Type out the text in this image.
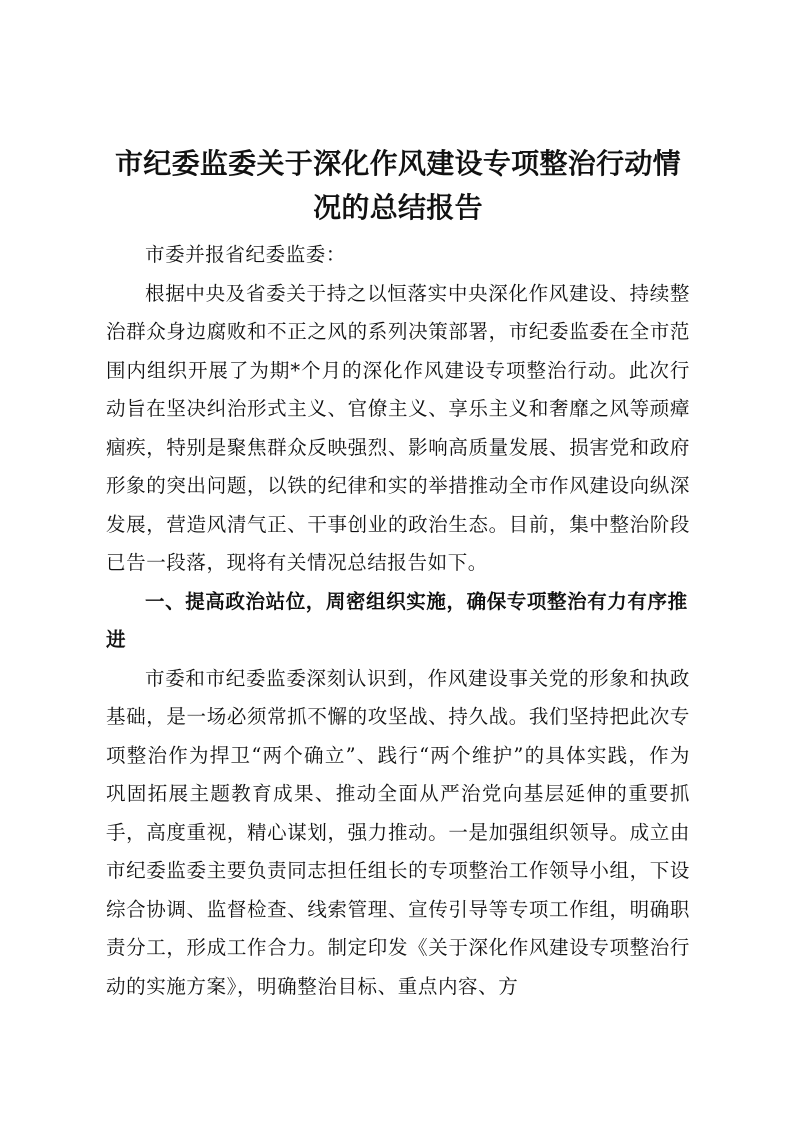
市纪委监委关于深化作风建设专项整治行动情况的总结报告

市委并报省纪委监委：

根据中央及省委关于持之以恒落实中央深化作风建设、持续整治群众身边腐败和不正之风的系列决策部署，市纪委监委在全市范围内组织开展了为期*个月的深化作风建设专项整治行动。此次行动旨在坚决纠治形式主义、官僚主义、享乐主义和奢靡之风等顽瘴痼疾，特别是聚焦群众反映强烈、影响高质量发展、损害党和政府形象的突出问题，以铁的纪律和实的举措推动全市作风建设向纵深发展，营造风清气正、干事创业的政治生态。目前，集中整治阶段已告一段落，现将有关情况总结报告如下。

一、提高政治站位，周密组织实施，确保专项整治有力有序推进

市委和市纪委监委深刻认识到，作风建设事关党的形象和执政基础，是一场必须常抓不懈的攻坚战、持久战。我们坚持把此次专项整治作为捍卫“两个确立”、践行“两个维护”的具体实践，作为巩固拓展主题教育成果、推动全面从严治党向基层延伸的重要抓手，高度重视，精心谋划，强力推动。一是加强组织领导。成立由市纪委监委主要负责同志担任组长的专项整治工作领导小组，下设综合协调、监督检查、线索管理、宣传引导等专项工作组，明确职责分工，形成工作合力。制定印发《关于深化作风建设专项整治行动的实施方案》，明确整治目标、重点内容、方
